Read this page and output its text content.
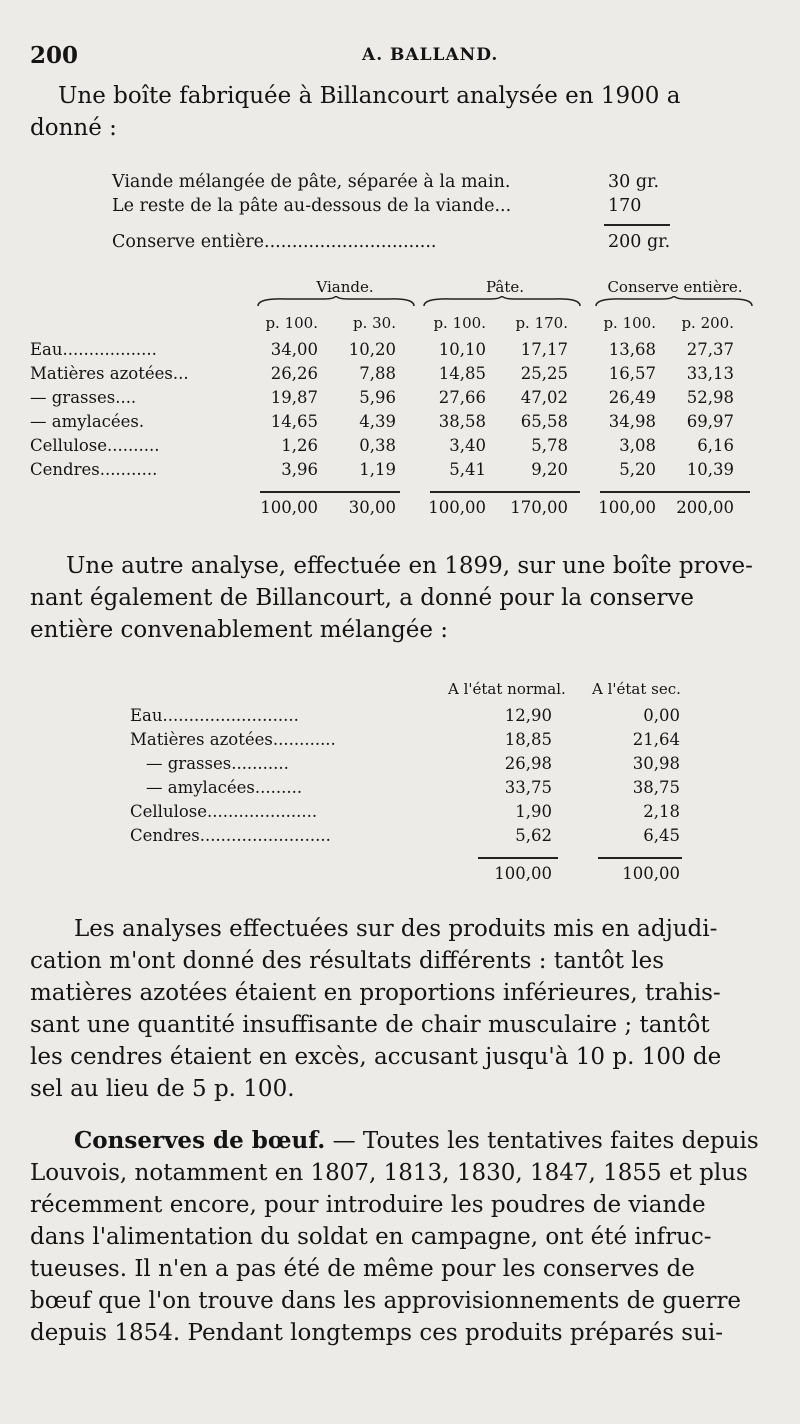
200	A. BALLAND.
Une boîte fabriquée à Billancourt analysée en 1900 a
donné :
Viande mélangée de pâte, séparée à la main.	30 gr.
Le reste de la pâte au-dessous de la viande...	170
Conserve entière...............................	200 gr.
Viande.	Pâte.	Conserve entière.
p. 100.	p. 30.	p. 100.	p. 170.	p. 100.	p. 200.
Eau..................	34,00	10,20	10,10	17,17	13,68	27,37
Matières azotées...	26,26	7,88	14,85	25,25	16,57	33,13
— grasses....	19,87	5,96	27,66	47,02	26,49	52,98
— amylacées.	14,65	4,39	38,58	65,58	34,98	69,97
Cellulose..........	1,26	0,38	3,40	5,78	3,08	6,16
Cendres...........	3,96	1,19	5,41	9,20	5,20	10,39
100,00	30,00	100,00	170,00	100,00	200,00
Une autre analyse, effectuée en 1899, sur une boîte prove-
nant également de Billancourt, a donné pour la conserve
entière convenablement mélangée :
A l'état normal. A l'état sec.
Eau..........................	12,90	0,00
Matières azotées............	18,85	21,64
— grasses...........	26,98	30,98
— amylacées.........	33,75	38,75
Cellulose.....................	1,90	2,18
Cendres.........................	5,62	6,45
100,00	100,00
Les analyses effectuées sur des produits mis en adjudi-
cation m'ont donné des résultats différents : tantôt les
matières azotées étaient en proportions inférieures, trahis-
sant une quantité insuffisante de chair musculaire ; tantôt
les cendres étaient en excès, accusant jusqu'à 10 p. 100 de
sel au lieu de 5 p. 100.
Conserves de bœuf. — Toutes les tentatives faites depuis
Louvois, notamment en 1807, 1813, 1830, 1847, 1855 et plus
récemment encore, pour introduire les poudres de viande
dans l'alimentation du soldat en campagne, ont été infruc-
tueuses. Il n'en a pas été de même pour les conserves de
bœuf que l'on trouve dans les approvisionnements de guerre
depuis 1854. Pendant longtemps ces produits préparés sui-
